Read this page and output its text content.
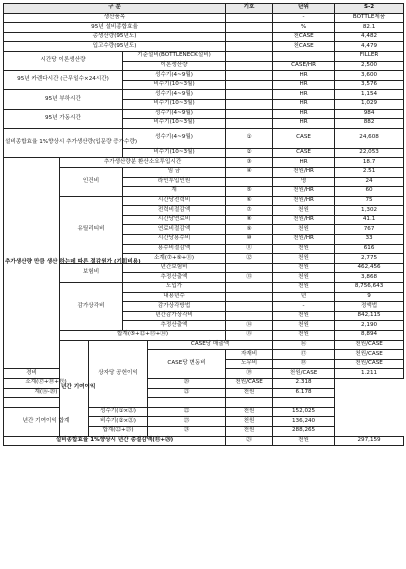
구 분					기호	단위	S-2	
생산품목						-	BOTTLE제품	
95년 설비종합효율						%	82.1	
총생산량(95년도)						천CASE	4,482	
입고수량(95년도)						천CASE	4,479	
시간당 이론생산량			기준설비(BOTTLENECK설비)				FILLER	
			이론생산량			CASE/HR	2,500	
95년 카렌다시간 (근무일수×24시간)			성수기(4~9월)			HR	3,600	
			비수기(10~3월)			HR	3,576	
95년 부하시간			성수기(4~9월)			HR	1,154	
			비수기(10~3월)			HR	1,029	
95년 가동시간			성수기(4~9월)			HR	984	
			비수기(10~3월)			HR	882	
설비종합효율 1%향상시 추가생산량(입문량 증가수량)			성수기(4~9월)		①	CASE	24,608	
			비수기(10~3월)		②	CASE	22,053	
추가생산량 만큼 생산 하는데 따른 절감원가 (기회비용)	추가생산량분 환산소요투입시간				③	HR	18.7	
	인건비		임 금		④	천원/HR	2.51	
			라인투입인원			명	24	
			계		⑤	천원/HR	60	
	유틸리티비		시간당전력비		⑥	천원/HR	75	
			전력비절감액		⑦	천원	1,302	
			시간당연료비		⑧	천원/HR	41.1	
			연료비절감액		⑨	천원	767	
			시간당용수비		⑩	천원/HR	33	
			용수비절감액		⑪	천원	616	
			소계(⑦+⑨+⑪)		⑫	천원	2,775	
	보험비		년간보험비			천원	462,456	
			추정산출액		⑬	천원	3,868	
	감가상각비		도입가			천원	8,756,643	
			내용년수			년	9	
			감가상각방법			-	정액법	
			년간감가상각비			천원	842,115	
			추정산출액		⑭	천원	2,190	
	합계(⑤+⑫+⑬+⑭)				⑮	천원	8,894	
	년간 기여이익	상자당 공헌이익		CASE당 매출액		⑯	천원/CASE	
				CASE당 변동비	자재비	⑰	천원/CASE	
					노무비	⑱	천원/CASE	
경비					⑲	천원/CASE	1.211	
소계(⑰+⑱+⑲)				⑳	천원/CASE	2.318		
계(⑯-⑳)				㉑	천원	6.178		

년간 기여이익 합계		성수기(①×㉑)		㉒	천원	152,025		
		비수기(②×㉑)		㉓	천원	136,240		
		합계(㉒+㉓)		㉔	천원	288,265		
설비종합효율 1%향상시 년간 총절감액(⑮+㉔)					㉕	천원	297,159	
